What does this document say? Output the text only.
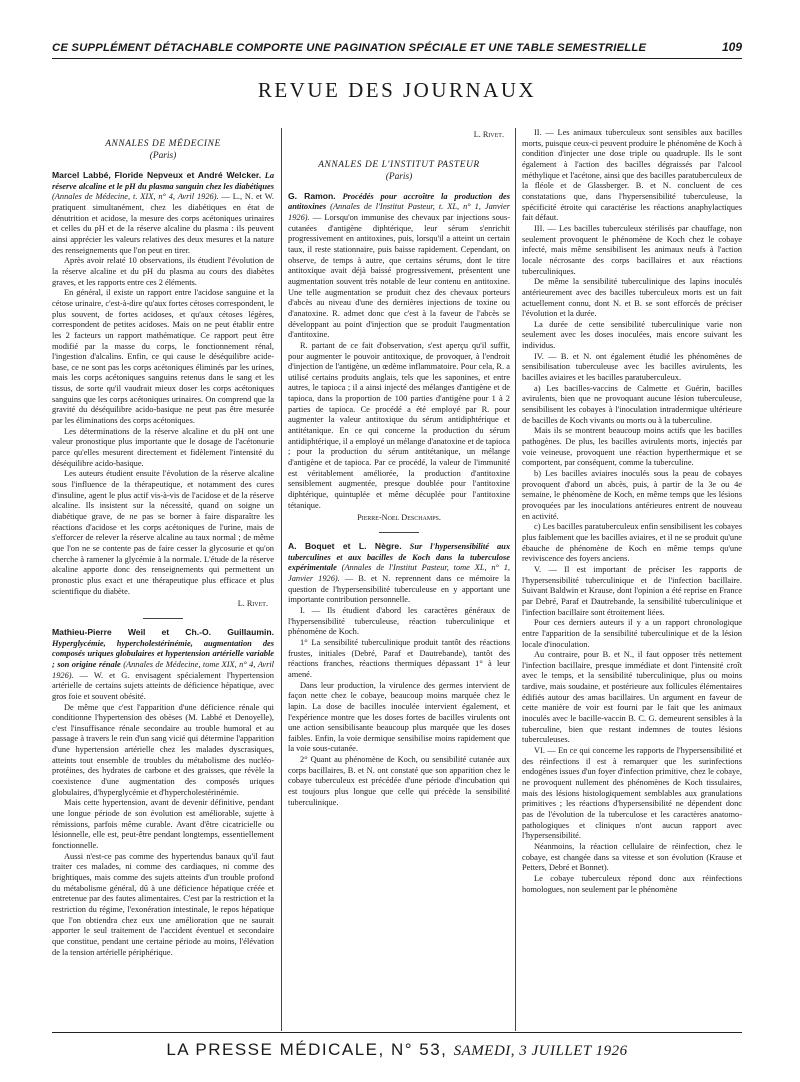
CE SUPPLÉMENT DÉTACHABLE COMPORTE UNE PAGINATION SPÉCIALE ET UNE TABLE SEMESTRIELLE	109
REVUE DES JOURNAUX
ANNALES DE MÉDECINE
(Paris)

Marcel Labbé, Floride Nepveux et André Welcker. La réserve alcaline et le pH du plasma sanguin chez les diabétiques (Annales de Médecine, t. XIX, n° 4, Avril 1926). — L., N. et W. pratiquent simultanément, chez les diabétiques en état de dénutrition et acidose, la mesure des corps acétoniques urinaires et celles du pH et de la réserve alcaline du plasma : ils peuvent ainsi apprécier les valeurs relatives des deux mesures et la nature des renseignements que l'on peut en tirer.

Après avoir relaté 10 observations, ils étudient l'évolution de la réserve alcaline et du pH du plasma au cours des diabètes graves, et les rapports entre ces 2 éléments.

En général, il existe un rapport entre l'acidose sanguine et la cétose urinaire, c'est-à-dire qu'aux fortes cétoses correspondent, le plus souvent, de fortes acidoses, et qu'aux cétoses légères, correspondent de petites acidoses. Mais on ne peut établir entre les 2 facteurs un rapport mathématique. Ce rapport peut être modifié par la masse du corps, le fonctionnement rénal, l'ingestion d'alcalins. Enfin, ce qui cause le déséquilibre acide-base, ce ne sont pas les corps acétoniques éliminés par les urines, mais les corps acétoniques sanguins retenus dans le sang et les tissus, de sorte qu'il vaudrait mieux doser les corps acétoniques sanguins que les corps acétoniques urinaires. On comprend que la gravité du déséquilibre acido-basique ne peut pas être mesurée par les éliminations des corps acétoniques.

Les déterminations de la réserve alcaline et du pH ont une valeur pronostique plus importante que le dosage de l'acétonurie parce qu'elles mesurent directement et fidèlement l'intensité du déséquilibre acido-basique.

Les auteurs étudient ensuite l'évolution de la réserve alcaline sous l'influence de la thérapeutique, et notamment des cures d'insuline, agent le plus actif vis-à-vis de l'acidose et de la réserve alcaline. Ils insistent sur la nécessité, quand on soigne un diabétique grave, de ne pas se borner à faire disparaître les réactions d'acidose et les corps acétoniques de l'urine, mais de s'efforcer de relever la réserve alcaline au taux normal ; de même que l'on ne se contente pas de faire cesser la glycosurie et qu'on cherche à ramener la glycémie à la normale. L'étude de la réserve alcaline apporte donc des renseignements qui permettent un pronostic plus exact et une thérapeutique plus efficace et plus scientifique du diabète.

L. Rivet.

Mathieu-Pierre Weil et Ch.-O. Guillaumin. Hyperglycémie, hypercholestérinémie, augmentation des composés uriques globulaires et hypertension artérielle variable ; son origine rénale (Annales de Médecine, tome XIX, n° 4, Avril 1926). — W. et G. envisagent spécialement l'hypertension artérielle de certains sujets atteints de déficience hépatique, avec gros foie et souvent obésité.

De même que c'est l'apparition d'une déficience rénale qui conditionne l'hypertension des obèses (M. Labbé et Denoyelle), c'est l'insuffisance rénale secondaire au trouble humoral et au passage à travers le rein d'un sang vicié qui détermine l'apparition d'une hypertension artérielle chez les malades dyscrasiques, atteints tout ensemble de troubles du métabolisme des nucléo-protéines, des hydrates de carbone et des graisses, que révèle la coexistence d'une augmentation des composés uriques globulaires, d'hyperglycémie et d'hypercholestérinémie.

Mais cette hypertension, avant de devenir définitive, pendant une longue période de son évolution est améliorable, sujette à rémissions, parfois même curable. Avant d'être cicatricielle ou lésionnelle, elle est, peut-être pendant longtemps, essentiellement fonctionnelle.

Aussi n'est-ce pas comme des hypertendus banaux qu'il faut traiter ces malades, ni comme des cardiaques, ni comme des brightiques, mais comme des sujets atteints d'un trouble profond du métabolisme général, dû à une déficience hépatique créée et entretenue par des fautes alimentaires. C'est par la restriction et la restriction du régime, l'exonération intestinale, le repos hépatique que l'on obtiendra chez eux une amélioration que ne saurait apporter le seul traitement de l'accident éventuel et secondaire que constitue, pendant une certaine période au moins, l'élévation de la tension artérielle périphérique.

L. Rivet.

ANNALES DE L'INSTITUT PASTEUR
(Paris)

G. Ramon. Procédés pour accroître la production des antitoxines (Annales de l'Institut Pasteur, t. XL, n° 1, Janvier 1926). — Lorsqu'on immunise des chevaux par injections sous-cutanées d'antigène diphtérique, leur sérum s'enrichit progressivement en antitoxines, puis, lorsqu'il a atteint un certain taux, il reste stationnaire, puis baisse rapidement. Cependant, on observe, de temps à autre, que certains sérums, dont le titre antitoxique avait déjà baissé progressivement, présentent une augmentation souvent très notable de leur contenu en antitoxine. Une telle augmentation se produit chez des chevaux porteurs d'abcès au niveau d'une des dernières injections de toxine ou d'anatoxine. R. admet donc que c'est à la faveur de l'abcès se développant au point d'injection que se produit l'augmentation d'antitoxine.

R. partant de ce fait d'observation, s'est aperçu qu'il suffit, pour augmenter le pouvoir antitoxique, de provoquer, à l'endroit d'injection de l'antigène, un œdème inflammatoire. Pour cela, R. a utilisé certains produits anglais, tels que les saponines, et entre autres, le tapioca ; il a ainsi injecté des mélanges d'antigène et de tapioca, dans la proportion de 100 parties d'antigène pour 1 à 2 parties de tapioca. Ce procédé a été employé par R. pour augmenter la valeur antitoxique du sérum antidiphtérique et antitétanique. En ce qui concerne la production du sérum antidiphtérique, il a employé un mélange d'anatoxine et de tapioca ; pour la production du sérum antitétanique, un mélange d'antigène et de tapioca. Par ce procédé, la valeur de l'immunité est véritablement améliorée, la production d'antitoxine sensiblement augmentée, presque doublée pour l'antitoxine diphtérique, quintuplée et même décuplée pour l'antitoxine tétanique.

Pierre-Noel Deschamps.

A. Boquet et L. Nègre. Sur l'hypersensibilité aux tuberculines et aux bacilles de Koch dans la tuberculose expérimentale (Annales de l'Institut Pasteur, tome XL, n° 1, Janvier 1926). — B. et N. reprennent dans ce mémoire la question de l'hypersensibilité tuberculeuse en y apportant une importante contribution personnelle.

I. — Ils étudient d'abord les caractères généraux de l'hypersensibilité tuberculeuse, réaction tuberculinique et phénomène de Koch.

1° La sensibilité tuberculinique produit tantôt des réactions frustes, initiales (Debré, Paraf et Dautrebande), tantôt des réactions franches, réactions thermiques dépassant 1° à leur amené.

Dans leur production, la virulence des germes intervient de façon nette chez le cobaye, beaucoup moins marquée chez le lapin. La dose de bacilles inoculée intervient également, et l'expérience montre que les doses fortes de bacilles virulents ont une action sensibilisante beaucoup plus marquée que les doses faibles. Enfin, la voie dermique sensibilise moins rapidement que la voie sous-cutanée.

2° Quant au phénomène de Koch, ou sensibilité cutanée aux corps bacillaires, B. et N. ont constaté que son apparition chez le cobaye tuberculeux est précédée d'une période d'incubation qui est toujours plus longue que celle qui précède la sensibilité tuberculinique.

II. — Les animaux tuberculeux sont sensibles aux bacilles morts, puisque ceux-ci peuvent produire le phénomène de Koch à condition d'injecter une dose triple ou quadruple. Ils le sont également à l'action des bacilles dégraissés par l'alcool méthylique et l'acétone, ainsi que des bacilles paratuberculeux de la fléole et de Glassberger. B. et N. concluent de ces constatations que, dans l'hypersensibilité tuberculeuse, la spécificité étroite qui caractérise les réactions anaphylactiques fait défaut.

III. — Les bacilles tuberculeux stérilisés par chauffage, non seulement provoquent le phénomène de Koch chez le cobaye infecté, mais même sensibilisent les animaux neufs à l'action locale nécrosante des corps bacillaires et aux réactions tuberculiniques.

De même la sensibilité tuberculinique des lapins inoculés antérieurement avec des bacilles tuberculeux morts est un fait actuellement connu, dont N. et B. se sont efforcés de préciser l'évolution et la durée.

La durée de cette sensibilité tuberculinique varie non seulement avec les doses inoculées, mais encore suivant les individus.

IV. — B. et N. ont également étudié les phénomènes de sensibilisation tuberculeuse avec les bacilles avirulents, les bacilles aviaires et les bacilles paratuberculeux.

a) Les bacilles-vaccins de Calmette et Guérin, bacilles avirulents, bien que ne provoquant aucune lésion tuberculeuse, sensibilisent les cobayes à l'inoculation intradermique ultérieure de bacilles de Koch vivants ou morts ou à la tuberculine.

Mais ils se montrent beaucoup moins actifs que les bacilles pathogènes. De plus, les bacilles avirulents morts, injectés par voie veineuse, provoquent une réaction hyperthermique et se comportent, par conséquent, comme la tuberculine.

b) Les bacilles aviaires inoculés sous la peau de cobayes provoquent d'abord un abcès, puis, à partir de la 3e ou 4e semaine, le phénomène de Koch, en même temps que les lésions provoquées par les inoculations antérieures entrent de nouveau en activité.

c) Les bacilles paratuberculeux enfin sensibilisent les cobayes plus faiblement que les bacilles aviaires, et il ne se produit qu'une ébauche de phénomène de Koch en même temps qu'une reviviscence des foyers anciens.

V. — Il est important de préciser les rapports de l'hypersensibilité tuberculinique et de l'infection bacillaire. Suivant Baldwin et Krause, dont l'opinion a été reprise en France par Debré, Paraf et Dautrebande, la sensibilité tuberculinique et l'infection bacillaire sont étroitement liées.

Pour ces derniers auteurs il y a un rapport chronologique entre l'apparition de la sensibilité tuberculinique et de la lésion locale d'inoculation.

Au contraire, pour B. et N., il faut opposer très nettement l'infection bacillaire, presque immédiate et dont l'intensité croît avec le temps, et la sensibilité tuberculinique, plus ou moins tardive, mais soudaine, et postérieure aux follicules élémentaires édifiés autour des amas bacillaires. Un argument en faveur de cette manière de voir est fourni par le fait que les animaux inoculés avec le bacille-vaccin B. C. G. demeurent sensibles à la tuberculine, bien que restant indemnes de toutes lésions tuberculeuses.

VI. — En ce qui concerne les rapports de l'hypersensibilité et des réinfections il est à remarquer que les surinfections endogènes issues d'un foyer d'infection primitive, chez le cobaye, ne provoquent nullement des phénomènes de Koch tissulaires, mais des lésions histologiquement semblables aux granulations primitives ; les réactions d'hypersensibilité ne dépendent donc pas de l'évolution de la tuberculose et les caractères anatomo-pathologiques et cliniques n'ont aucun rapport avec l'hypersensibilité.

Néanmoins, la réaction cellulaire de réinfection, chez le cobaye, est changée dans sa vitesse et son évolution (Krause et Petters, Debré et Bonnet).

Le cobaye tuberculeux répond donc aux réinfections homologues, non seulement par le phénomène

LA PRESSE MÉDICALE, N° 53, SAMEDI, 3 JUILLET 1926
